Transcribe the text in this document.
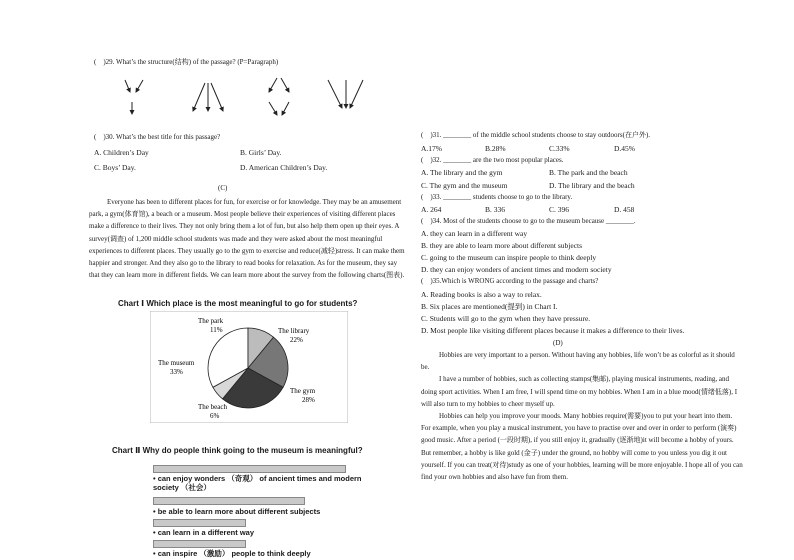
(    )29. What’s the structure(结构) of the passage? (P=Paragraph)
(    )30. What’s the best title for this passage?
A. Children’s Day	B. Girls’ Day.
C. Boys’ Day.	D. American Children’s Day.
(C)

Everyone has been to different places for fun, for exercise or for knowledge. They may be an amusement park, a gym(体育馆), a beach or a museum. Most people believe their experiences of visiting different places make a difference to their lives. They not only bring them a lot of fun, but also help them open up their eyes. A survey(调查) of 1,200 middle school students was made and they were asked about the most meaningful experiences to different places. They usually go to the gym to exercise and reduce(减轻)stress. It can make them happier and stronger. And they also go to the library to read books for relaxation. As for the museum, they say that they can learn more in different fields. We can learn more about the survey from the following charts(图表).

Chart Ⅰ Which place is the most meaningful to go for students?
The library
22%
The gym
28%
The beach
6%
The museum
33%
The park
11%
Chart Ⅱ Why do people think going to the museum is meaningful?
• can enjoy wonders （奇观） of ancient times and modern society （社会）
• be able to learn more about different subjects
• can learn in a different way
• can inspire （激励） people to think deeply
(    )31. ________ of the middle school students choose to stay outdoors(在户外).
A.17%	B.28%	C.33%	D.45%
(    )32. ________ are the two most popular places.
A. The library and the gym	B. The park and the beach
C. The gym and the museum	D. The library and the beach
(    )33. ________ students choose to go to the library.
A. 264	B. 336	C. 396	D. 458
(    )34. Most of the students choose to go to the museum because ________.
A. they can learn in a different way
B. they are able to learn more about different subjects
C. going to the museum can inspire people to think deeply
D. they can enjoy wonders of ancient times and modern society
(    )35.Which is WRONG according to the passage and charts?
A. Reading books is also a way to relax.
B. Six places are mentioned(提到) in Chart I.
C. Students will go to the gym when they have pressure.
D. Most people like visiting different places because it makes a difference to their lives.
(D)

Hobbies are very important to a person. Without having any hobbies, life won’t be as colorful as it should be.

I have a number of hobbies, such as collecting stamps(集邮), playing musical instruments, reading, and doing sport activities. When I am free, I will spend time on my hobbies. When I am in a blue mood(情绪低落), I will also turn to my hobbies to cheer myself up.

Hobbies can help you improve your moods. Many hobbies require(需要)you to put your heart into them. For example, when you play a musical instrument, you have to practise over and over in order to perform (演奏) good music. After a period (一段时期), if you still enjoy it, gradually (逐渐地)it will become a hobby of yours. But remember, a hobby is like gold (金子) under the ground, no hobby will come to you unless you dig it out yourself. If you can treat(对待)study as one of your hobbies, learning will be more enjoyable. I hope all of you can find your own hobbies and also have fun from them.
